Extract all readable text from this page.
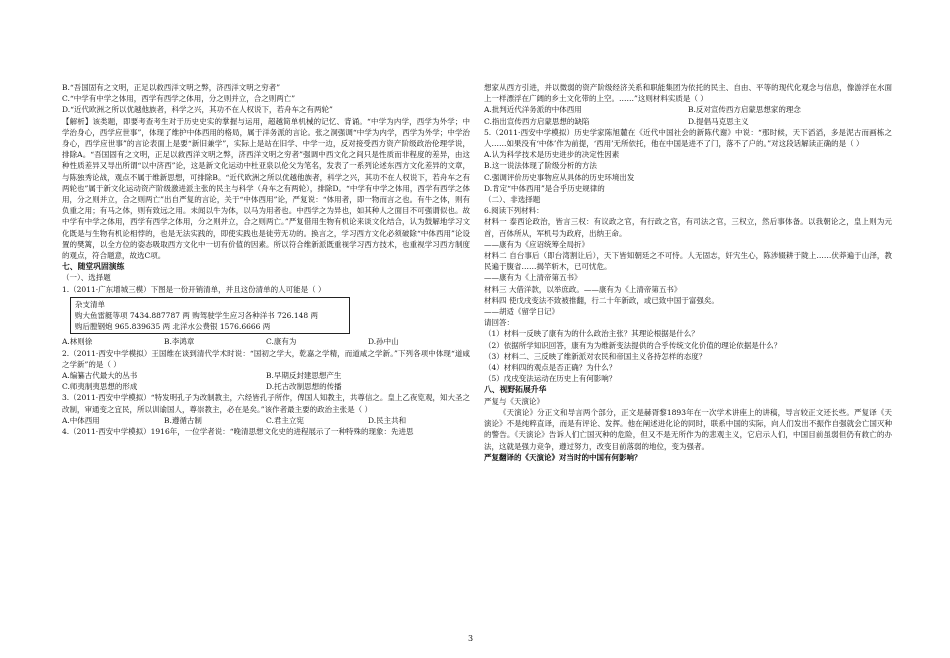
B.“吾国固有之文明，正足以救西洋文明之弊，济西洋文明之穷者”

C.“中学有中学之体用，西学有西学之体用，分之则并立，合之则两亡”

D.“近代欧洲之所以优越他族者，科学之兴，其功不在人权说下，若舟车之有两轮”

【解析】该类题，即要考查考生对于历史史实的掌握与运用，超越简单机械的记忆、背诵。“中学为内学，西学为外学；中学治身心，西学应世事”，体现了维护中体西用的格局，属于洋务派的言论。张之洞强调“中学为内学，西学为外学；中学治身心，西学应世事”的言论表面上是要“新旧兼学”，实际上是站在旧学、中学一边，反对接受西方资产阶级政治伦理学说，排除A。“吾国固有之文明，正足以救西洋文明之弊，济西洋文明之穷者”强调中西文化之间只是性质而非程度的差异，由这种性质差异又导出所谓“以中济西”论，这是新文化运动中杜亚泉以伦父为笔名，发表了一系列论述东西方文化差异的文章，与陈独秀论战，观点不属于维新思想，可排除B。“近代欧洲之所以优越他族者，科学之兴，其功不在人权说下，若舟车之有两轮也”属于新文化运动资产阶级激进派主张的民主与科学（舟车之有两轮），排除D。“中学有中学之体用，西学有西学之体用，分之则并立，合之则两亡”出自严复的言论，关于“中体西用”论，严复说：“体用者，即一物而言之也。有牛之体，则有负重之用；有马之体，则有致远之用。未闻以牛为体，以马为用者也。中西学之为异也，如其种人之面目不可强谓似也。故中学有中学之体用，西学有西学之体用，分之则并立，合之则两亡。”严复借用生物有机论来谈文化结合，认为鼓解地学习文化既是与生物有机论相悖的，也是无法实践的，即使实践也是徒劳无功的。换言之，学习西方文化必须破除“中体西用”论设置的樊篱，以全方位的姿态吸取西方文化中一切有价值的因素。所以符合维新派既重视学习西方技术，也重视学习西方制度的观点，符合题意，故选C项。

七、随堂巩固演练

（一）、选择题

1.（2011·广东增城三模）下图是一份开销清单，并且这份清单的人可能是（ ）

杂支清单

购大鱼雷艇等项 7434.887787 两 购驾驶学生应习各种洋书 726.148 两

购后膛钢炮 965.839635 两 北洋水公费银 1576.6666 两

A.林则徐	B.李鸿章	C.康有为	D.孙中山

2.（2011·西安中学模拟）王国维在谈到清代学术时说：“国初之学大，乾嘉之学精，而道咸之学新。”下列各项中体现“道咸之学新”的是（ ）

A.编纂古代最大的丛书	B.早期反封建思想产生
C.师夷制夷思想的形成	D.托古改制思想的传播

3.（2011·西安中学模拟）“特发明孔子为改制教主，六经皆孔子所作，俾国人知教主，共尊信之。皇上乙夜览观，知大圣之改制，审通变之宜民，所以训谕国人，尊崇教主，必在是矣。”该作者最主要的政治主张是（ ）

A.中体西用	B.遵循古制	C.君主立宪	D.民主共和

4.（2011·西安中学模拟）1916年，一位学者说：“晚清思想文化史的进程展示了一种特殊的现象：先进思

想家从西方引进，并以微弱的资产阶级经济关系和职能集团为依托的民主、自由、平等的现代化观念与信息，像游浮在水面上一样漂浮在广阔的乡土文化带的上空。……”这则材料实质是（ ）

A.批判近代洋务派的中体西用	B.反对宣传西方启蒙思想家的理念
C.指出宣传西方启蒙思想的缺陷	D.提倡马克思主义

5.（2011·西安中学模拟）历史学家陈旭麓在《近代中国社会的新陈代谢》中说：“那时候，天下滔滔，多是泥古而画栋之人……如果没有‘中体’作为前提，‘西用’无所依托，他在中国是进不了门，落不了户的。”对这段话解读正确的是（ ）

A.认为科学技术是历史进步的决定性因素

B.这一说法体现了阶级分析的方法

C.强调评价历史事物应从具体的历史环境出发

D.肯定“中体西用”是合乎历史规律的

（二）、非选择题

6.阅读下列材料：

材料一 泰西论政治，皆言三权：有议政之官，有行政之官，有司法之官，三权立，然后事体备。以我朝论之，皇上则为元首，百体所从，军机号为政府，出纳王命。

——康有为《应诏统筹全局折》

材料二 自台事后（即台湾割让后），天下皆知朝廷之不可恃。人无固志，奸宄生心，陈涉辍耕于陇上……伏莽遍于山泽，教民遍于腹省……揭竿斩木，已可忧危。

——康有为《上清帝第五书》

材料三 大借洋款，以举庶政。——康有为《上清帝第五书》

材料四 使戊戌变法不致被推翻，行二十年新政，或已致中国于富强矣。

——胡适《留学日记》

请回答：

（1）材料一反映了康有为的什么政治主张？其理论根据是什么？

（2）依据所学知识回答，康有为为维新变法提供的合乎传统文化价值的理论依据是什么？

（3）材料二、三反映了维新派对农民和帝国主义各持怎样的态度？

（4）材料四的观点是否正确？为什么？

（5）戊戌变法运动在历史上有何影响？

八、视野拓展升华

严复与《天演论》

《天演论》分正文和导言两个部分，正文是赫胥黎1893年在一次学术讲座上的讲稿，导言较正文还长些。严复译《天演论》不是纯粹直译，而是有评论、发挥。他在阐述进化论的同时，联系中国的实际，向人们发出不振作自强就会亡国灭种的警告。《天演论》告诉人们亡国灭种的危险，但又不是无所作为的悲观主义，它启示人们，中国目前虽弱但仍有救亡的办法，这就是强力竞争，遵过努力，改变目前落弱的地位，变为强者。

严复翻译的《天演论》对当时的中国有何影响？

3
